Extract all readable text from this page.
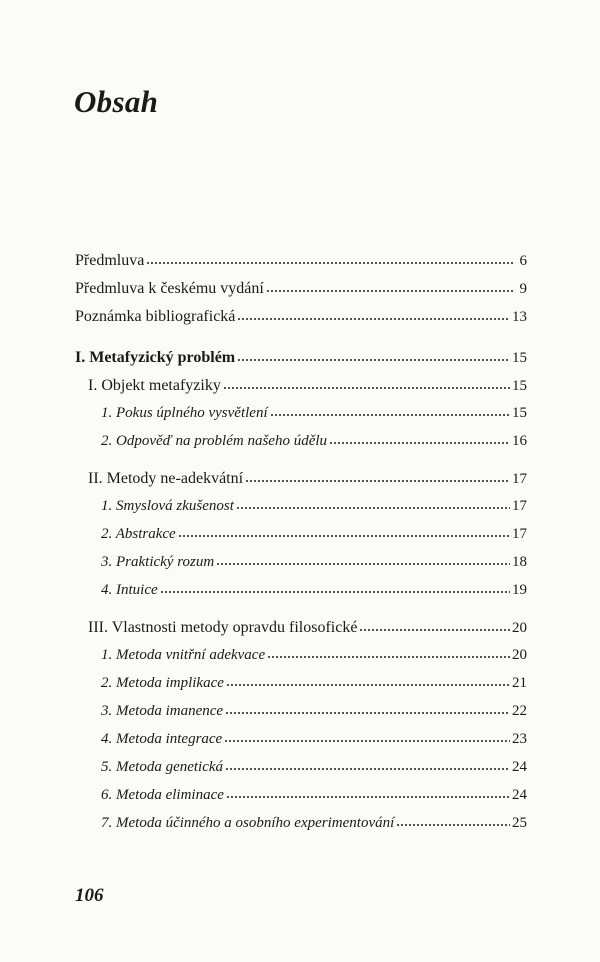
Obsah
Předmluva	6
Předmluva k českému vydání	9
Poznámka bibliografická	13
I. Metafyzický problém	15
I. Objekt metafyziky	15
1. Pokus úplného vysvětlení	15
2. Odpověď na problém našeho údělu	16
II. Metody ne-adekvátní	17
1. Smyslová zkušenost	17
2. Abstrakce	17
3. Praktický rozum	18
4. Intuice	19
III. Vlastnosti metody opravdu filosofické	20
1. Metoda vnitřní adekvace	20
2. Metoda implikace	21
3. Metoda imanence	22
4. Metoda integrace	23
5. Metoda genetická	24
6. Metoda eliminace	24
7. Metoda účinného a osobního experimentování	25
106
